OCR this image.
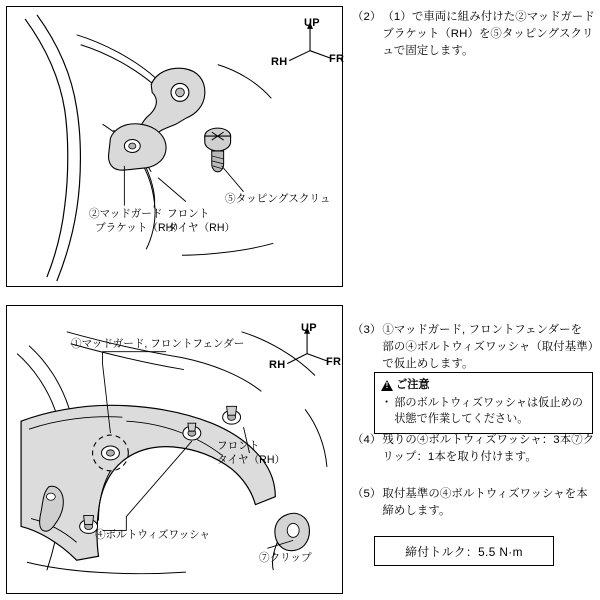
UP
RH	FR
②マッドガード
ブラケット（RH）
フロント
タイヤ（RH）
⑤タッピングスクリュ
UP
RH	FR
①マッドガード, フロントフェンダー
フロント
タイヤ（RH）
④ボルトウィズワッシャ
⑦クリップ
（2） （1）で車両に組み付けた②マッドガードブラケット（RH）を⑤タッピングスクリュで固定します。
（3） ①マッドガード, フロントフェンダーを 部の④ボルトウィズワッシャ（取付基準）で仮止めします。
!
ご注意
・ 部のボルトウィズワッシャは仮止めの状態で作業してください。
（4） 残りの④ボルトウィズワッシャ：3本⑦クリップ：1本を取り付けます。
（5） 取付基準の④ボルトウィズワッシャを本締めします。
締付トルク：5.5 N·m
